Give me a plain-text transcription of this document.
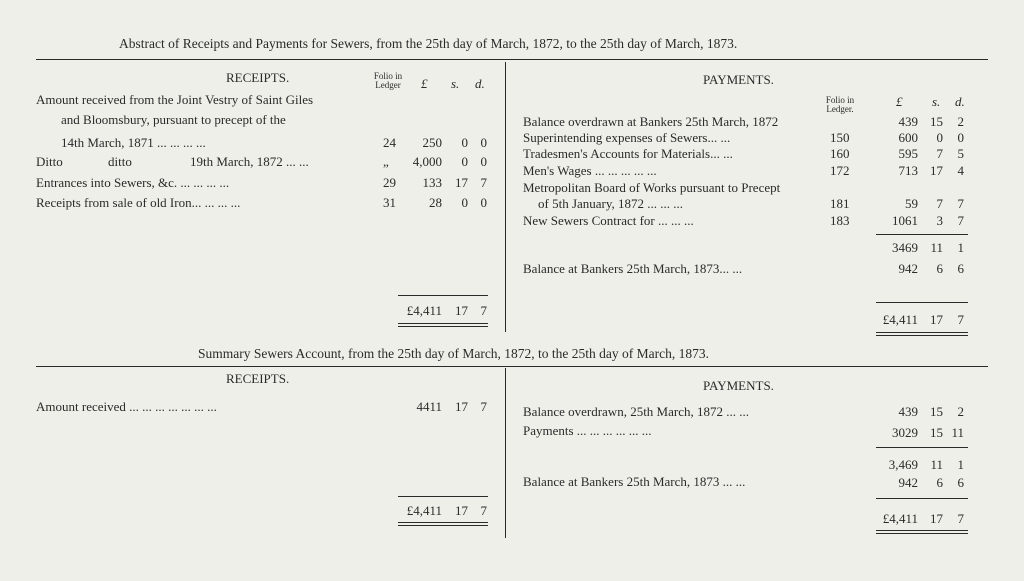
Abstract of Receipts and Payments for Sewers, from the 25th day of March, 1872, to the 25th day of March, 1873.
RECEIPTS.	Folio in Ledger	£ s. d.
Amount received from the Joint Vestry of Saint Giles
and Bloomsbury, pursuant to precept of the
14th March, 1871 ... ... ... ...	24	250	0 0
Ditto	ditto	19th March, 1872 ... ...	„	4,000	0 0
Entrances into Sewers, &c. ... ... ... ...	29	133	17 7
Receipts from sale of old Iron... ... ... ...	31	28	0 0
£4,411	17 7
PAYMENTS.
Folio in Ledger.	£ s. d.
Balance overdrawn at Bankers 25th March, 1872	439 15	2
Superintending expenses of Sewers... ...	150	600	0	0
Tradesmen's Accounts for Materials... ...	160	595	7	5
Men's Wages ... ... ... ... ...	172	713 17	4
Metropolitan Board of Works pursuant to Precept
of 5th January, 1872 ... ... ...	181	59	7	7
New Sewers Contract for ... ... ...	183	1061	3	7
3469 11	1
Balance at Bankers 25th March, 1873... ...	942	6	6
£4,411 17	7
Summary Sewers Account, from the 25th day of March, 1872, to the 25th day of March, 1873.
RECEIPTS.
Amount received ... ... ... ... ... ... ...	4411	17 7
£4,411	17 7
PAYMENTS.
Balance overdrawn, 25th March, 1872 ... ...	439 15	2
Payments ... ... ... ... ... ...	3029 15 11
3,469 11	1
Balance at Bankers 25th March, 1873 ... ...	942	6	6
£4,411 17	7
